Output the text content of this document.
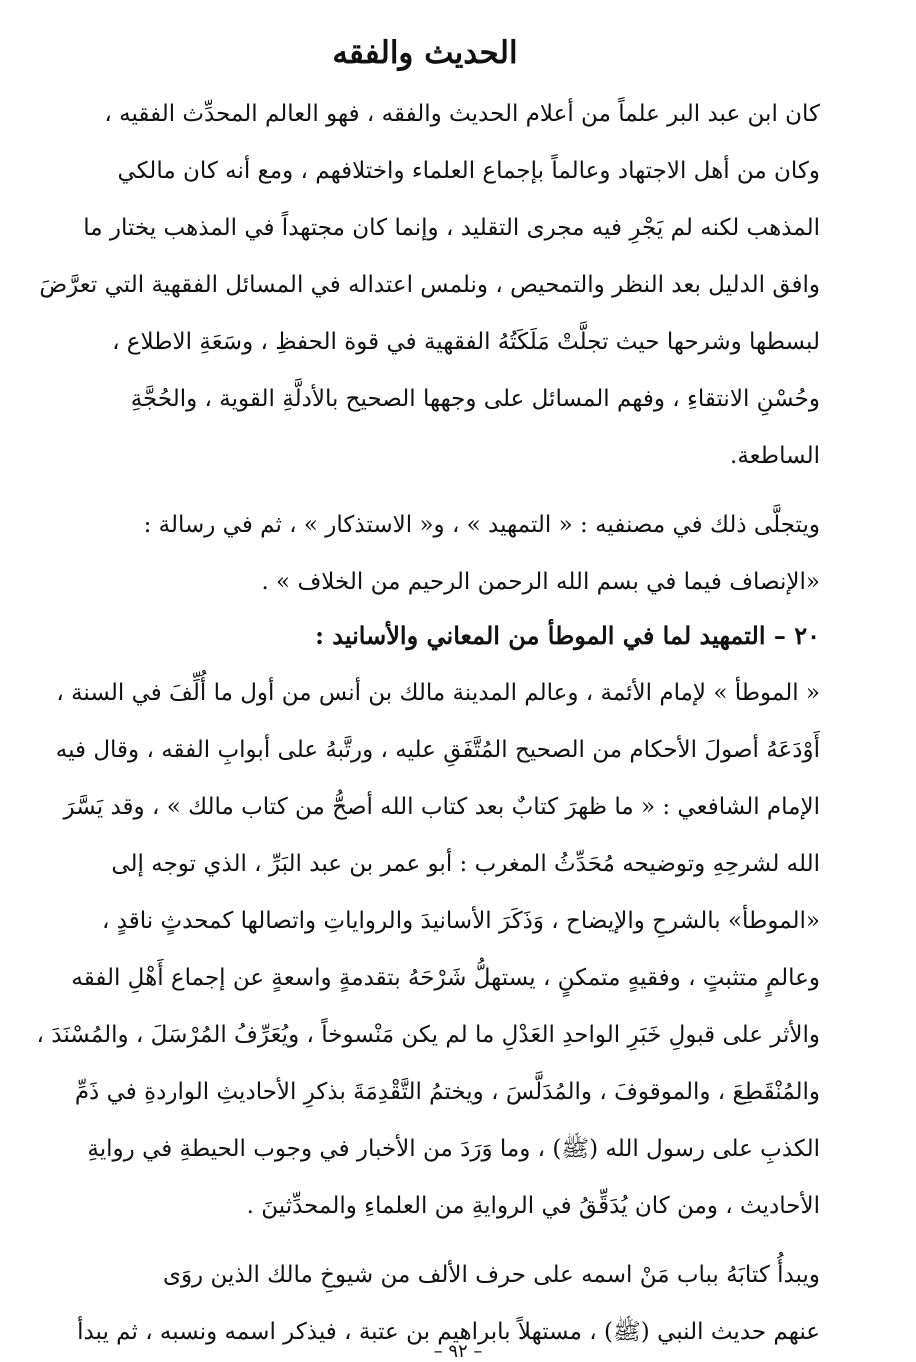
الحديث والفقه
كان ابن عبد البر علماً من أعلام الحديث والفقه ، فهو العالم المحدِّث الفقيه ،
وكان من أهل الاجتهاد وعالماً بإجماع العلماء واختلافهم ، ومع أنه كان مالكي
المذهب لكنه لم يَجْرِ فيه مجرى التقليد ، وإنما كان مجتهداً في المذهب يختار ما
وافق الدليل بعد النظر والتمحيص ، ونلمس اعتداله في المسائل الفقهية التي تعرَّضَ
لبسطها وشرحها حيث تجلَّتْ مَلَكَتُهُ الفقهية في قوة الحفظِ ، وسَعَةِ الاطلاع ،
وحُسْنِ الانتقاءِ ، وفهم المسائل على وجهها الصحيح بالأدلَّةِ القوية ، والحُجَّةِ
الساطعة.
ويتجلَّى ذلك في مصنفيه : « التمهيد » ، و« الاستذكار » ، ثم في رسالة :
«الإنصاف فيما في بسم الله الرحمن الرحيم من الخلاف » .
٢٠ – التمهيد لما في الموطأ من المعاني والأسانيد :
« الموطأ » لإمام الأئمة ، وعالم المدينة مالك بن أنس من أول ما أُلِّفَ في السنة ،
أَوْدَعَهُ أصولَ الأحكام من الصحيح المُتَّفَقِ عليه ، ورتَّبهُ على أبوابِ الفقه ، وقال فيه
الإمام الشافعي : « ما ظهرَ كتابٌ بعد كتاب الله أصحُّ من كتاب مالك » ، وقد يَسَّرَ
الله لشرحِهِ وتوضيحه مُحَدِّثُ المغرب : أبو عمر بن عبد البَرِّ ، الذي توجه إلى
«الموطأ» بالشرحِ والإيضاح ، وَذَكَرَ الأسانيدَ والرواياتِ واتصالها كمحدثٍ ناقدٍ ،
وعالمٍ متثبتٍ ، وفقيهٍ متمكنٍ ، يستهلُّ شَرْحَهُ بتقدمةٍ واسعةٍ عن إجماع أَهْلِ الفقه
والأثر على قبولِ خَبَرِ الواحدِ العَدْلِ ما لم يكن مَنْسوخاً ، ويُعَرِّفُ المُرْسَلَ ، والمُسْنَدَ ،
والمُنْقَطِعَ ، والموقوفَ ، والمُدَلَّسَ ، ويختمُ التَّقْدِمَةَ بذكرِ الأحاديثِ الواردةِ في ذَمِّ
الكذبِ على رسول الله (ﷺ) ، وما وَرَدَ من الأخبار في وجوب الحيطةِ في روايةِ
الأحاديث ، ومن كان يُدَقِّقُ في الروايةِ من العلماءِ والمحدِّثينَ .
ويبدأُ كتابَهُ بباب مَنْ اسمه على حرف الألف من شيوخِ مالك الذين روَى
عنهم حديث النبي (ﷺ) ، مستهلاً بابراهيم بن عتبة ، فيذكر اسمه ونسبه ، ثم يبدأ
– ٩٢ –
